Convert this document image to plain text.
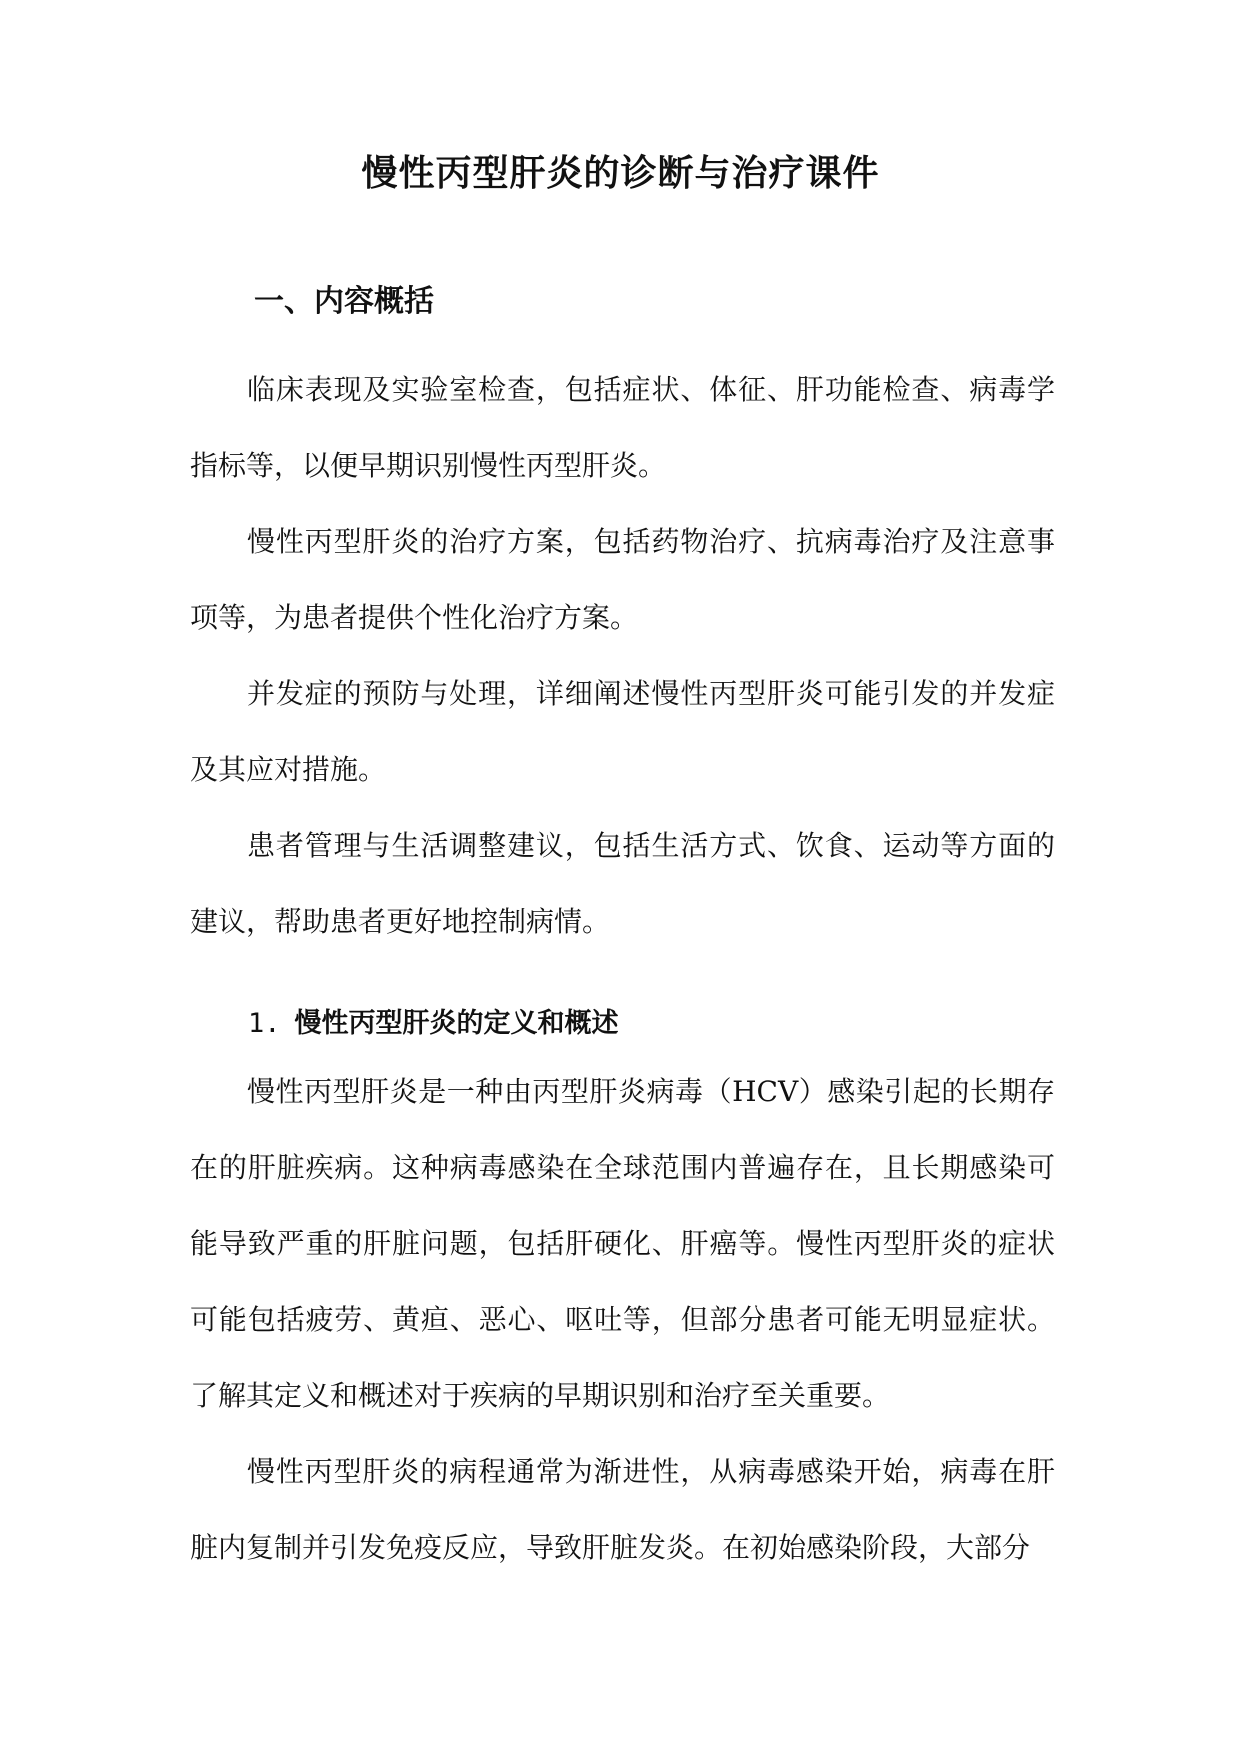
慢性丙型肝炎的诊断与治疗课件
一、内容概括

临床表现及实验室检查，包括症状、体征、肝功能检查、病毒学指标等，以便早期识别慢性丙型肝炎。

慢性丙型肝炎的治疗方案，包括药物治疗、抗病毒治疗及注意事项等，为患者提供个性化治疗方案。

并发症的预防与处理，详细阐述慢性丙型肝炎可能引发的并发症及其应对措施。

患者管理与生活调整建议，包括生活方式、饮食、运动等方面的建议，帮助患者更好地控制病情。

1. 慢性丙型肝炎的定义和概述

慢性丙型肝炎是一种由丙型肝炎病毒（HCV）感染引起的长期存在的肝脏疾病。这种病毒感染在全球范围内普遍存在，且长期感染可能导致严重的肝脏问题，包括肝硬化、肝癌等。慢性丙型肝炎的症状可能包括疲劳、黄疸、恶心、呕吐等，但部分患者可能无明显症状。了解其定义和概述对于疾病的早期识别和治疗至关重要。

慢性丙型肝炎的病程通常为渐进性，从病毒感染开始，病毒在肝脏内复制并引发免疫反应，导致肝脏发炎。在初始感染阶段，大部分
